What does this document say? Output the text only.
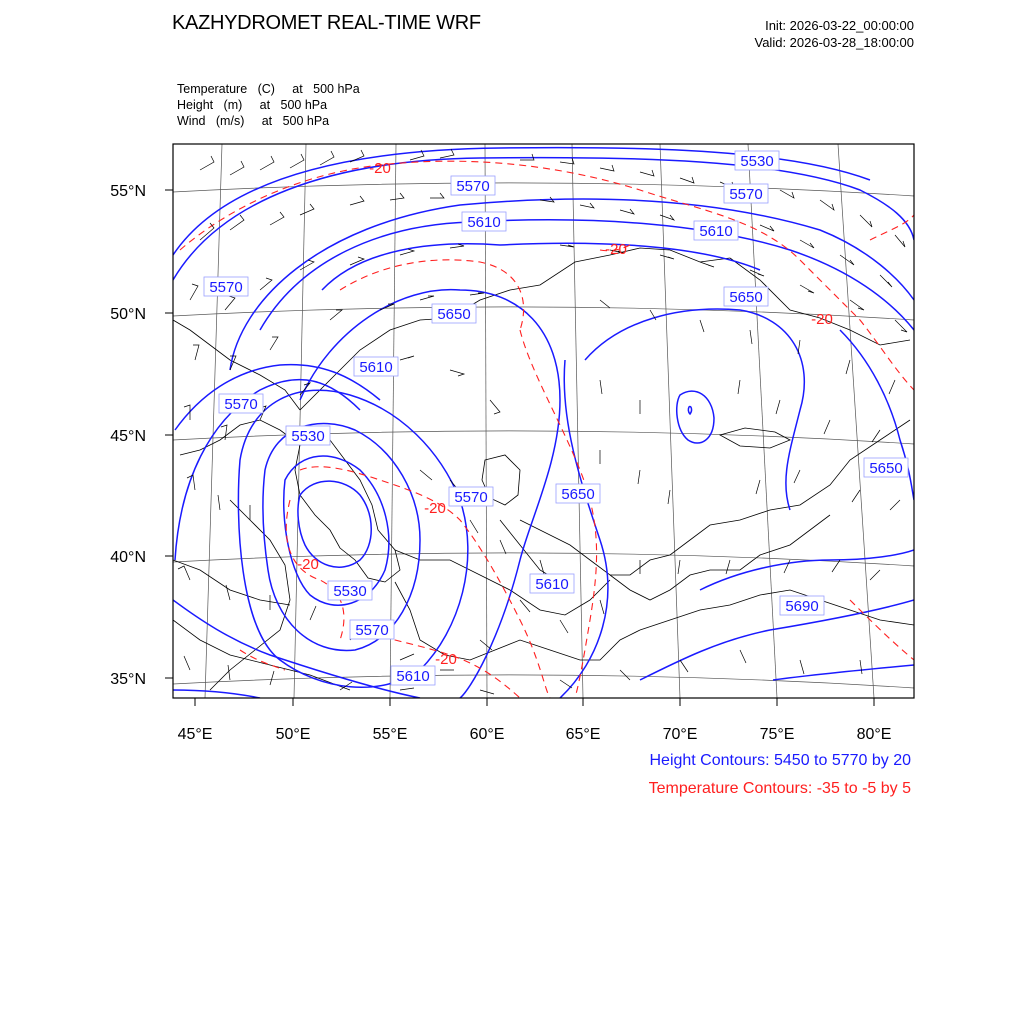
KAZHYDROMET REAL-TIME WRF	Init: 2026-03-22_00:00:00
Valid: 2026-03-28_18:00:00
Temperature   (C)     at   500 hPa
Height   (m)     at   500 hPa
Wind   (m/s)     at   500 hPa
55°N
50°N
45°N
40°N
35°N
45°E	50°E	55°E	60°E	65°E	70°E	75°E	80°E
5530
5570	5570
5610
5610
5570
5650
5650
5610
5570
5530
5570	5650
5650
5610
5530
5570
5610
5690
-20
-20
-20
-20
-20
-20
Height Contours: 5450 to 5770 by 20
Temperature Contours: -35 to -5 by 5
